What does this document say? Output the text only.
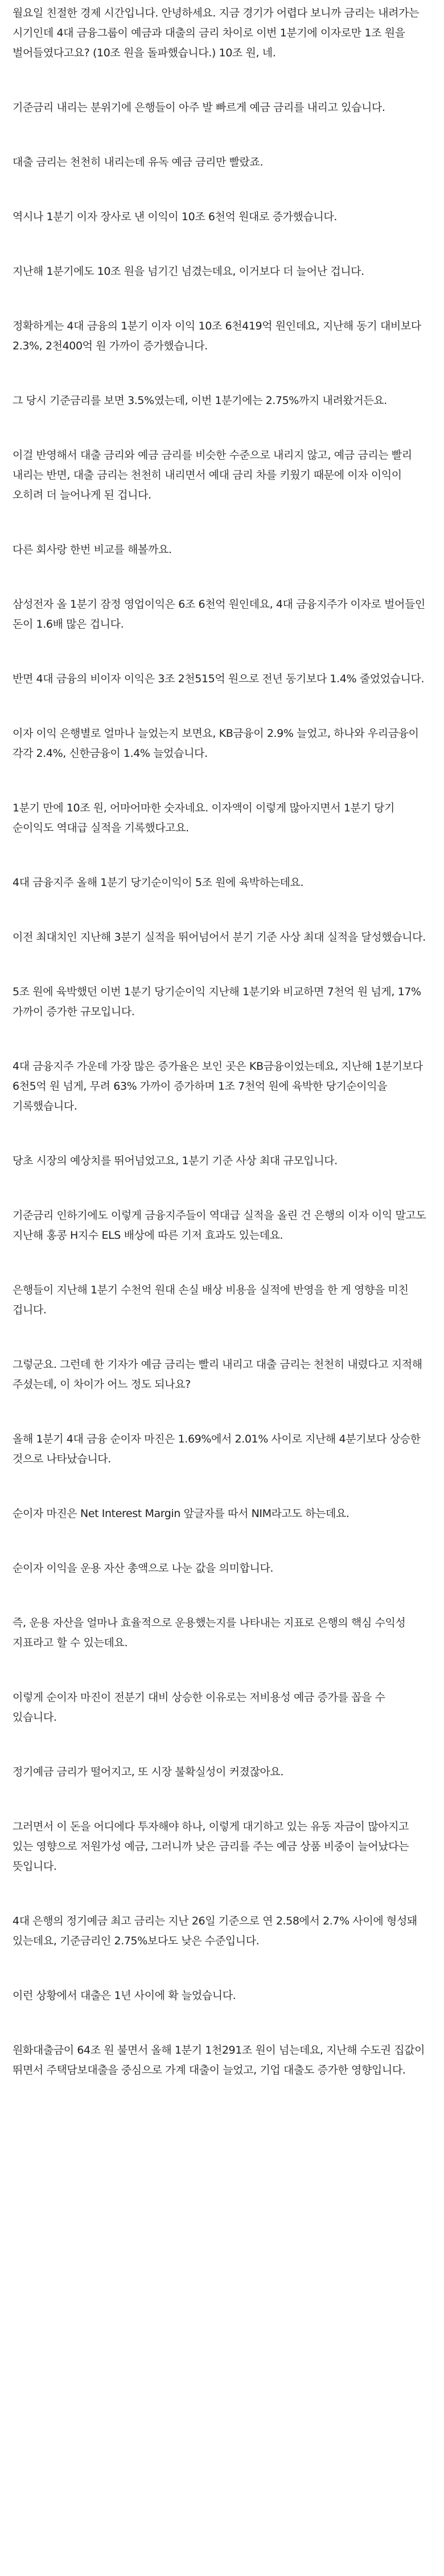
월요일 친절한 경제 시간입니다. 안녕하세요. 지금 경기가 어렵다 보니까 금리는 내려가는 시기인데 4대 금융그룹이 예금과 대출의 금리 차이로 이번 1분기에 이자로만 1조 원을 벌어들였다고요? (10조 원을 돌파했습니다.) 10조 원, 네.

기준금리 내리는 분위기에 은행들이 아주 발 빠르게 예금 금리를 내리고 있습니다.

대출 금리는 천천히 내리는데 유독 예금 금리만 빨랐죠.

역시나 1분기 이자 장사로 낸 이익이 10조 6천억 원대로 증가했습니다.

지난해 1분기에도 10조 원을 넘기긴 넘겼는데요, 이거보다 더 늘어난 겁니다.

정확하게는 4대 금융의 1분기 이자 이익 10조 6천419억 원인데요, 지난해 동기 대비보다 2.3%, 2천400억 원 가까이 증가했습니다.

그 당시 기준금리를 보면 3.5%였는데, 이번 1분기에는 2.75%까지 내려왔거든요.

이걸 반영해서 대출 금리와 예금 금리를 비슷한 수준으로 내리지 않고, 예금 금리는 빨리 내리는 반면, 대출 금리는 천천히 내리면서 예대 금리 차를 키웠기 때문에 이자 이익이 오히려 더 늘어나게 된 겁니다.

다른 회사랑 한번 비교를 해볼까요.

삼성전자 올 1분기 잠정 영업이익은 6조 6천억 원인데요, 4대 금융지주가 이자로 벌어들인 돈이 1.6배 많은 겁니다.

반면 4대 금융의 비이자 이익은 3조 2천515억 원으로 전년 동기보다 1.4% 줄었었습니다.

이자 이익 은행별로 얼마나 늘었는지 보면요, KB금융이 2.9% 늘었고, 하나와 우리금융이 각각 2.4%, 신한금융이 1.4% 늘었습니다.

1분기 만에 10조 원, 어마어마한 숫자네요. 이자액이 이렇게 많아지면서 1분기 당기 순이익도 역대급 실적을 기록했다고요.

4대 금융지주 올해 1분기 당기순이익이 5조 원에 육박하는데요.

이전 최대치인 지난해 3분기 실적을 뛰어넘어서 분기 기준 사상 최대 실적을 달성했습니다.

5조 원에 육박했던 이번 1분기 당기순이익 지난해 1분기와 비교하면 7천억 원 넘게, 17% 가까이 증가한 규모입니다.

4대 금융지주 가운데 가장 많은 증가율은 보인 곳은 KB금융이었는데요, 지난해 1분기보다 6천5억 원 넘게, 무려 63% 가까이 증가하며 1조 7천억 원에 육박한 당기순이익을 기록했습니다.

당초 시장의 예상치를 뛰어넘었고요, 1분기 기준 사상 최대 규모입니다.

기준금리 인하기에도 이렇게 금융지주들이 역대급 실적을 올린 건 은행의 이자 이익 말고도 지난해 홍콩 H지수 ELS 배상에 따른 기저 효과도 있는데요.

은행들이 지난해 1분기 수천억 원대 손실 배상 비용을 실적에 반영을 한 게 영향을 미친 겁니다.

그렇군요. 그런데 한 기자가 예금 금리는 빨리 내리고 대출 금리는 천천히 내렸다고 지적해 주셨는데, 이 차이가 어느 정도 되나요?

올해 1분기 4대 금융 순이자 마진은 1.69%에서 2.01% 사이로 지난해 4분기보다 상승한 것으로 나타났습니다.

순이자 마진은 Net Interest Margin 앞글자를 따서 NIM라고도 하는데요.

순이자 이익을 운용 자산 총액으로 나눈 값을 의미합니다.

즉, 운용 자산을 얼마나 효율적으로 운용했는지를 나타내는 지표로 은행의 핵심 수익성 지표라고 할 수 있는데요.

이렇게 순이자 마진이 전분기 대비 상승한 이유로는 저비용성 예금 증가를 꼽을 수 있습니다.

정기예금 금리가 떨어지고, 또 시장 불확실성이 커졌잖아요.

그러면서 이 돈을 어디에다 투자해야 하나, 이렇게 대기하고 있는 유동 자금이 많아지고 있는 영향으로 저원가성 예금, 그러니까 낮은 금리를 주는 예금 상품 비중이 늘어났다는 뜻입니다.

4대 은행의 정기예금 최고 금리는 지난 26일 기준으로 연 2.58에서 2.7% 사이에 형성돼 있는데요, 기준금리인 2.75%보다도 낮은 수준입니다.

이런 상황에서 대출은 1년 사이에 확 늘었습니다.

원화대출금이 64조 원 불면서 올해 1분기 1천291조 원이 넘는데요, 지난해 수도권 집값이 뛰면서 주택담보대출을 중심으로 가계 대출이 늘었고, 기업 대출도 증가한 영향입니다.
